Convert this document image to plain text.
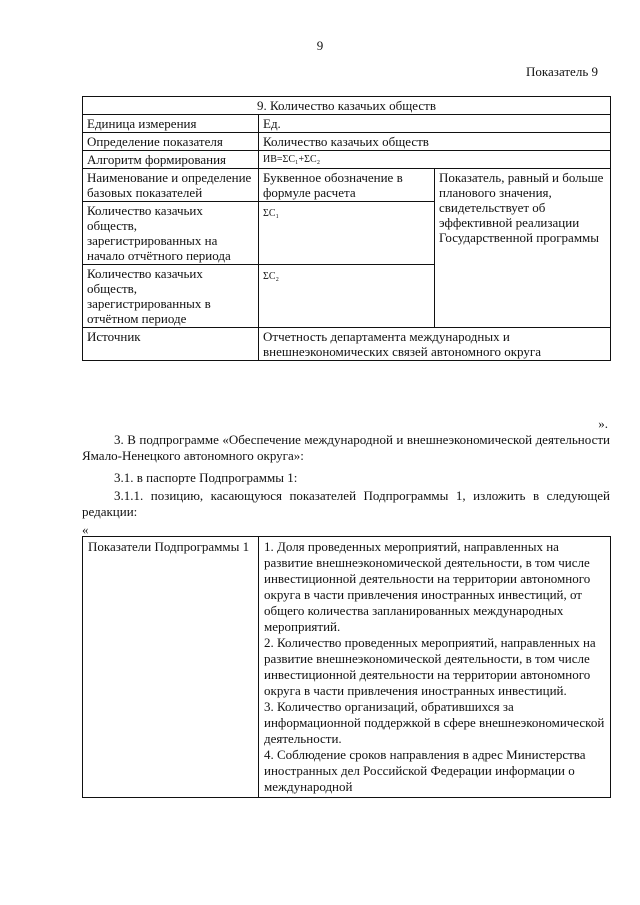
9
Показатель 9
9. Количество казачьих обществ		
Единица измерения	Ед.	
Определение показателя	Количество казачьих обществ	
Алгоритм формирования	ИВ=ΣС₁+ΣС₂	
Наименование и определение базовых показателей	Буквенное обозначение в формуле расчета	Показатель, равный и больше планового значения, свидетельствует об эффективной реализации Государственной программы
Количество казачьих обществ, зарегистрированных на начало отчётного периода	ΣС₁	
Количество казачьих обществ, зарегистрированных в отчётном периоде	ΣС₂	
Источник	Отчетность департамента международных и внешнеэкономических связей автономного округа	
».

3. В подпрограмме «Обеспечение международной и внешнеэкономической деятельности Ямало-Ненецкого автономного округа»:

3.1. в паспорте Подпрограммы 1:

3.1.1. позицию, касающуюся показателей Подпрограммы 1, изложить в следующей редакции:

«
Показатели Подпрограммы 1	1. Доля проведенных мероприятий, направленных на развитие внешнеэкономической деятельности, в том числе инвестиционной деятельности на территории автономного округа в части привлечения иностранных инвестиций, от общего количества запланированных международных мероприятий.
2. Количество проведенных мероприятий, направленных на развитие внешнеэкономической деятельности, в том числе инвестиционной деятельности на территории автономного округа в части привлечения иностранных инвестиций.
3. Количество организаций, обратившихся за информационной поддержкой в сфере внешнеэкономической деятельности.
4. Соблюдение сроков направления в адрес Министерства иностранных дел Российской Федерации информации о международной
